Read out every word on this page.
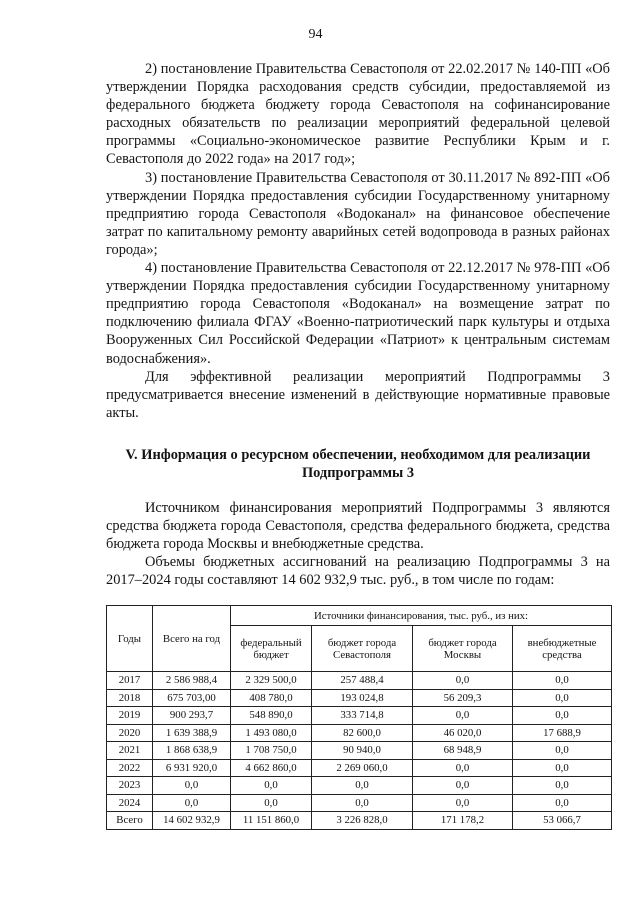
94

2) постановление Правительства Севастополя от 22.02.2017 № 140-ПП «Об утверждении Порядка расходования средств субсидии, предоставляемой из федерального бюджета бюджету города Севастополя на софинансирование расходных обязательств по реализации мероприятий федеральной целевой программы «Социально-экономическое развитие Республики Крым и г. Севастополя до 2022 года» на 2017 год»;

3) постановление Правительства Севастополя от 30.11.2017 № 892-ПП «Об утверждении Порядка предоставления субсидии Государственному унитарному предприятию города Севастополя «Водоканал» на финансовое обеспечение затрат по капитальному ремонту аварийных сетей водопровода в разных районах города»;

4) постановление Правительства Севастополя от 22.12.2017 № 978-ПП «Об утверждении Порядка предоставления субсидии Государственному унитарному предприятию города Севастополя «Водоканал» на возмещение затрат по подключению филиала ФГАУ «Военно-патриотический парк культуры и отдыха Вооруженных Сил Российской Федерации «Патриот» к центральным системам водоснабжения».

Для эффективной реализации мероприятий Подпрограммы 3 предусматривается внесение изменений в действующие нормативные правовые акты.

V. Информация о ресурсном обеспечении, необходимом для реализации Подпрограммы 3

Источником финансирования мероприятий Подпрограммы 3 являются средства бюджета города Севастополя, средства федерального бюджета, средства бюджета города Москвы и внебюджетные средства.

Объемы бюджетных ассигнований на реализацию Подпрограммы 3 на 2017–2024 годы составляют 14 602 932,9 тыс. руб., в том числе по годам:

Годы	Всего на год	Источники финансирования, тыс. руб., из них:			
		федеральный бюджет	бюджет города Севастополя	бюджет города Москвы	внебюджетные средства
2017	2 586 988,4	2 329 500,0	257 488,4	0,0	0,0
2018	675 703,00	408 780,0	193 024,8	56 209,3	0,0
2019	900 293,7	548 890,0	333 714,8	0,0	0,0
2020	1 639 388,9	1 493 080,0	82 600,0	46 020,0	17 688,9
2021	1 868 638,9	1 708 750,0	90 940,0	68 948,9	0,0
2022	6 931 920,0	4 662 860,0	2 269 060,0	0,0	0,0
2023	0,0	0,0	0,0	0,0	0,0
2024	0,0	0,0	0,0	0,0	0,0
Всего	14 602 932,9	11 151 860,0	3 226 828,0	171 178,2	53 066,7
